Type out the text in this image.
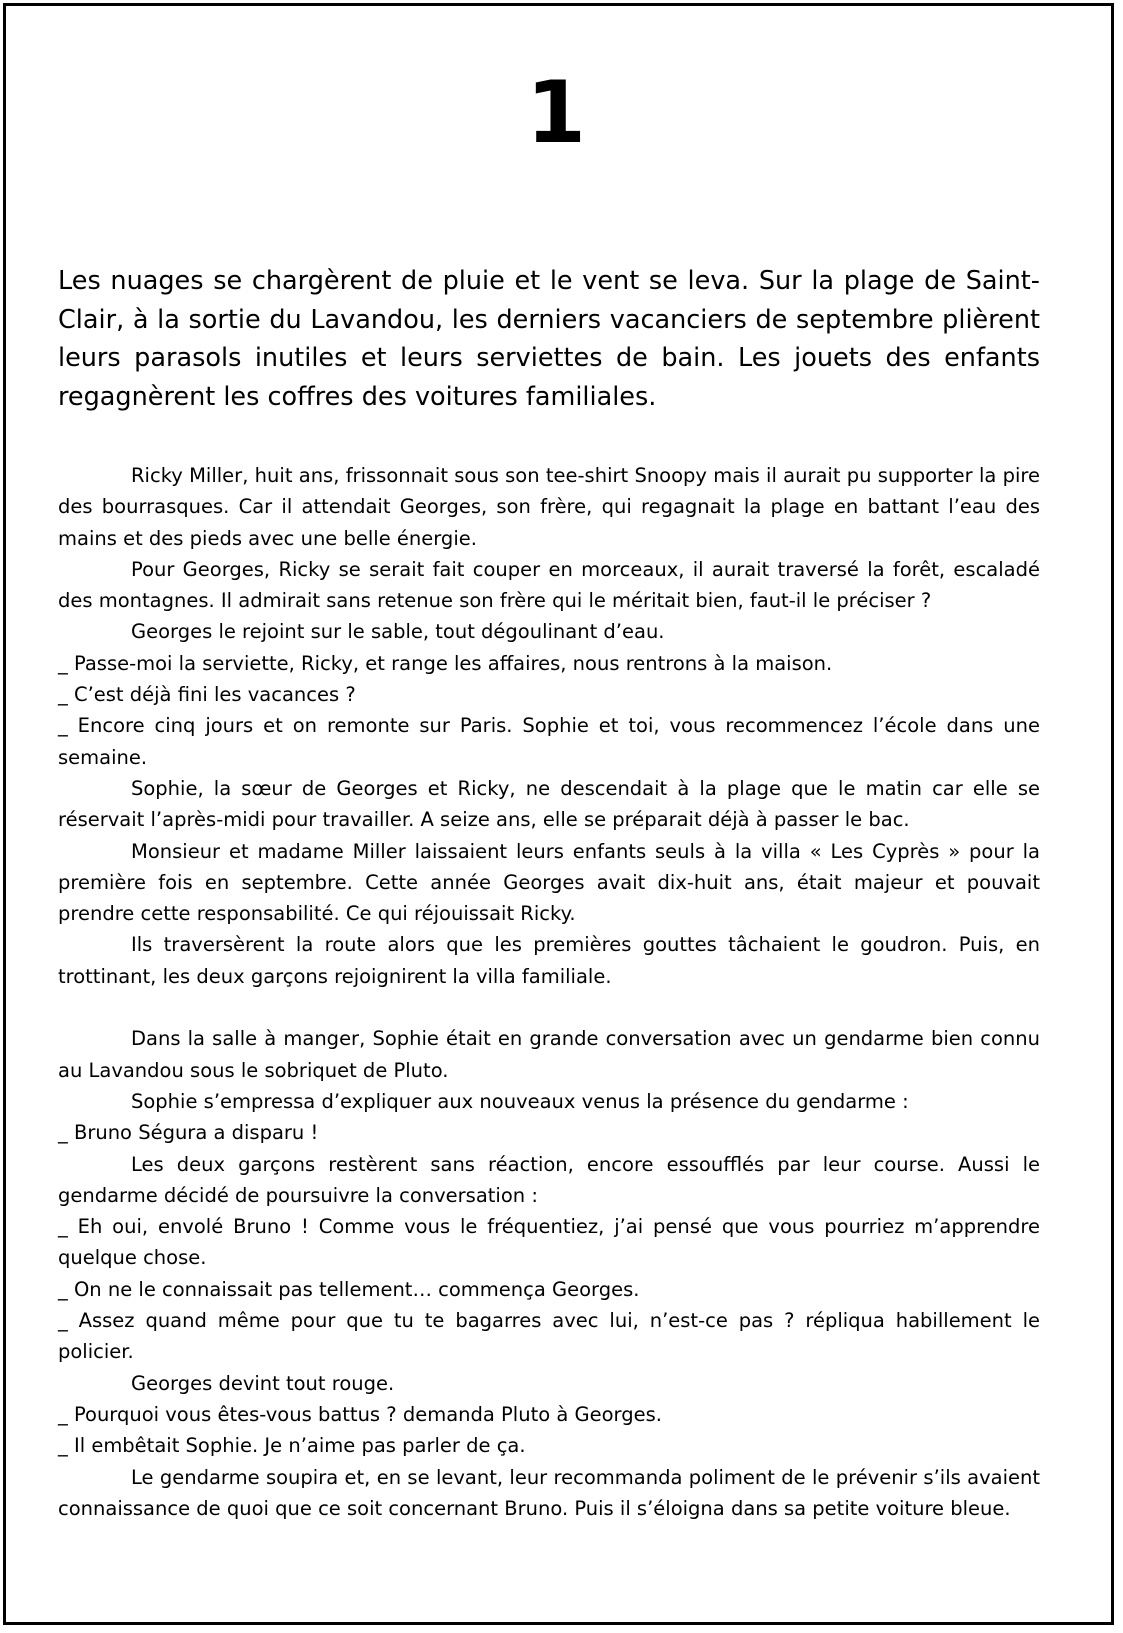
1

Les nuages se chargèrent de pluie et le vent se leva. Sur la plage de Saint-Clair, à la sortie du Lavandou, les derniers vacanciers de septembre plièrent leurs parasols inutiles et leurs serviettes de bain. Les jouets des enfants regagnèrent les coffres des voitures familiales.

Ricky Miller, huit ans, frissonnait sous son tee-shirt Snoopy mais il aurait pu supporter la pire des bourrasques. Car il attendait Georges, son frère, qui regagnait la plage en battant l’eau des mains et des pieds avec une belle énergie.

Pour Georges, Ricky se serait fait couper en morceaux, il aurait traversé la forêt, escaladé des montagnes. Il admirait sans retenue son frère qui le méritait bien, faut-il le préciser ?

Georges le rejoint sur le sable, tout dégoulinant d’eau.

_ Passe-moi la serviette, Ricky, et range les affaires, nous rentrons à la maison.

_ C’est déjà fini les vacances ?

_ Encore cinq jours et on remonte sur Paris. Sophie et toi, vous recommencez l’école dans une semaine.

Sophie, la sœur de Georges et Ricky, ne descendait à la plage que le matin car elle se réservait l’après-midi pour travailler. A seize ans, elle se préparait déjà à passer le bac.

Monsieur et madame Miller laissaient leurs enfants seuls à la villa « Les Cyprès » pour la première fois en septembre. Cette année Georges avait dix-huit ans, était majeur et pouvait prendre cette responsabilité. Ce qui réjouissait Ricky.

Ils traversèrent la route alors que les premières gouttes tâchaient le goudron. Puis, en trottinant, les deux garçons rejoignirent la villa familiale.

Dans la salle à manger, Sophie était en grande conversation avec un gendarme bien connu au Lavandou sous le sobriquet de Pluto.

Sophie s’empressa d’expliquer aux nouveaux venus la présence du gendarme :

_ Bruno Ségura a disparu !

Les deux garçons restèrent sans réaction, encore essoufflés par leur course. Aussi le gendarme décidé de poursuivre la conversation :

_ Eh oui, envolé Bruno ! Comme vous le fréquentiez, j’ai pensé que vous pourriez m’apprendre quelque chose.

_ On ne le connaissait pas tellement… commença Georges.

_ Assez quand même pour que tu te bagarres avec lui, n’est-ce pas ? répliqua habillement le policier.

Georges devint tout rouge.

_ Pourquoi vous êtes-vous battus ? demanda Pluto à Georges.

_ Il embêtait Sophie. Je n’aime pas parler de ça.

Le gendarme soupira et, en se levant, leur recommanda poliment de le prévenir s’ils avaient connaissance de quoi que ce soit concernant Bruno. Puis il s’éloigna dans sa petite voiture bleue.
